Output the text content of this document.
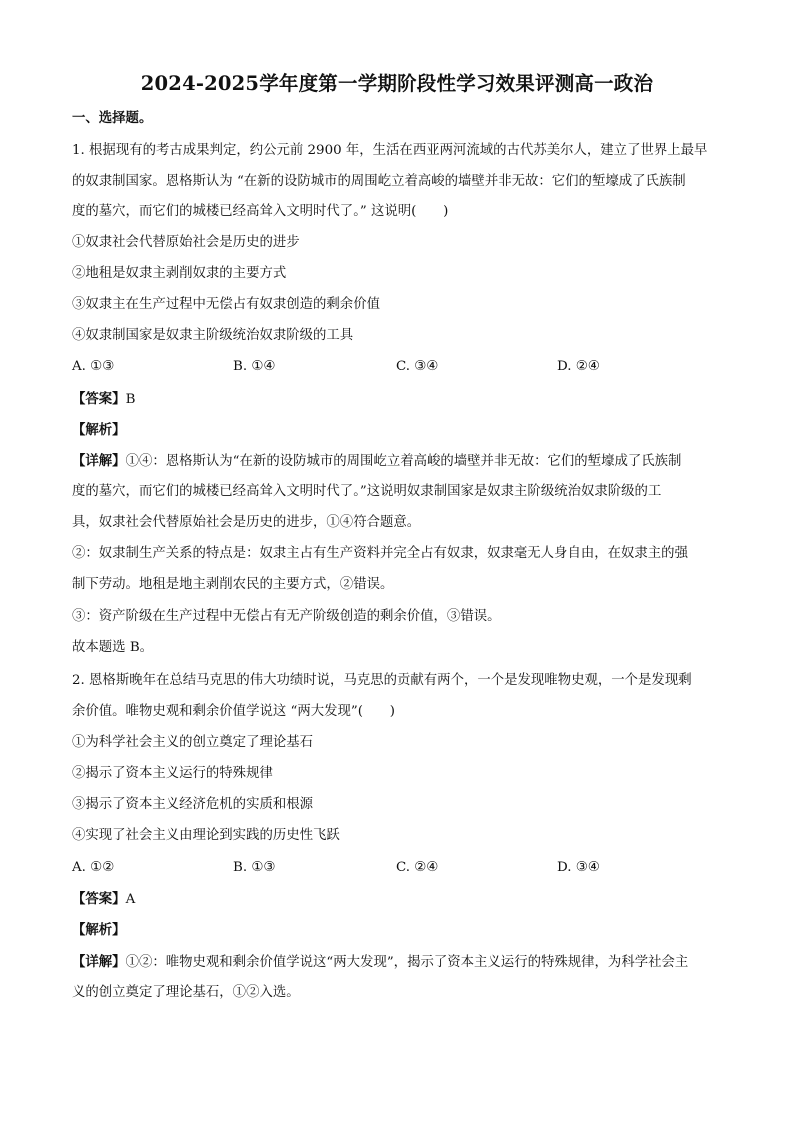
2024-2025学年度第一学期阶段性学习效果评测高一政治
一、选择题。
1. 根据现有的考古成果判定，约公元前 2900 年，生活在西亚两河流域的古代苏美尔人，建立了世界上最早
的奴隶制国家。恩格斯认为 “在新的设防城市的周围屹立着高峻的墙壁并非无故：它们的堑壕成了氏族制
度的墓穴，而它们的城楼已经高耸入文明时代了。” 这说明(　　)
①奴隶社会代替原始社会是历史的进步
②地租是奴隶主剥削奴隶的主要方式
③奴隶主在生产过程中无偿占有奴隶创造的剩余价值
④奴隶制国家是奴隶主阶级统治奴隶阶级的工具
A. ①③	B. ①④	C. ③④	D. ②④
【答案】B
【解析】
【详解】①④：恩格斯认为“在新的设防城市的周围屹立着高峻的墙壁并非无故：它们的堑壕成了氏族制
度的墓穴，而它们的城楼已经高耸入文明时代了。”这说明奴隶制国家是奴隶主阶级统治奴隶阶级的工
具，奴隶社会代替原始社会是历史的进步，①④符合题意。
②：奴隶制生产关系的特点是：奴隶主占有生产资料并完全占有奴隶，奴隶毫无人身自由，在奴隶主的强
制下劳动。地租是地主剥削农民的主要方式，②错误。
③：资产阶级在生产过程中无偿占有无产阶级创造的剩余价值，③错误。
故本题选 B。
2. 恩格斯晚年在总结马克思的伟大功绩时说，马克思的贡献有两个，一个是发现唯物史观，一个是发现剩
余价值。唯物史观和剩余价值学说这 “两大发现”(　　)
①为科学社会主义的创立奠定了理论基石
②揭示了资本主义运行的特殊规律
③揭示了资本主义经济危机的实质和根源
④实现了社会主义由理论到实践的历史性飞跃
A. ①②	B. ①③	C. ②④	D. ③④
【答案】A
【解析】
【详解】①②：唯物史观和剩余价值学说这“两大发现”，揭示了资本主义运行的特殊规律，为科学社会主
义的创立奠定了理论基石，①②入选。
